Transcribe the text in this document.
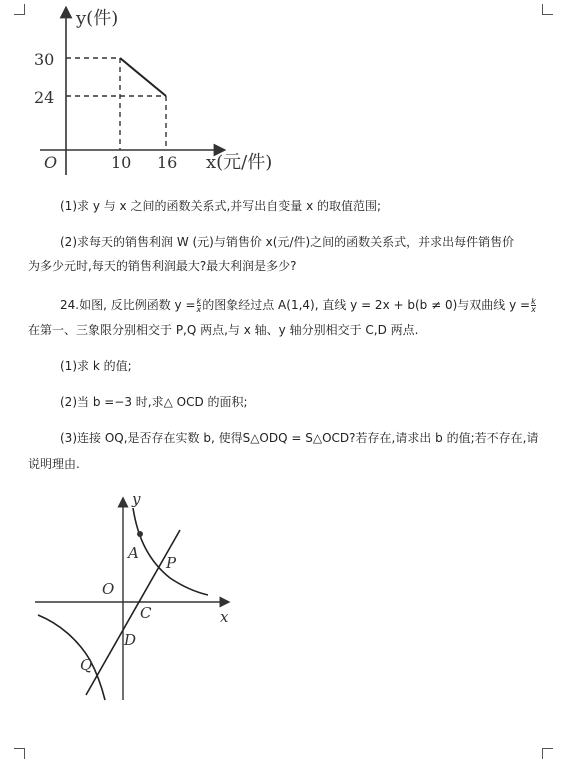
y(件)
x(元/件)
O
30
24
10 16
(1)求 y 与 x 之间的函数关系式,并写出自变量 x 的取值范围;
(2)求每天的销售利润 W (元)与销售价 x(元/件)之间的函数关系式，并求出每件销售价
为多少元时,每天的销售利润最大?最大利润是多少?
24.如图, 反比例函数 $y = \frac{k}{x}$ 的图象经过点 A(1,4), 直线 y = 2x + b(b ≠ 0)与双曲线 $y = \frac{k}{x}$
在第一、三象限分别相交于 P,Q 两点,与 x 轴、y 轴分别相交于 C,D 两点.
(1)求 k 的值;
(2)当 b =−3 时,求△ OCD 的面积;
(3)连接 OQ,是否存在实数 b, 使得S△ODQ = S△OCD?若存在,请求出 b 的值;若不存在,请
说明理由.
y
x
A
P
O
C
D
Q
